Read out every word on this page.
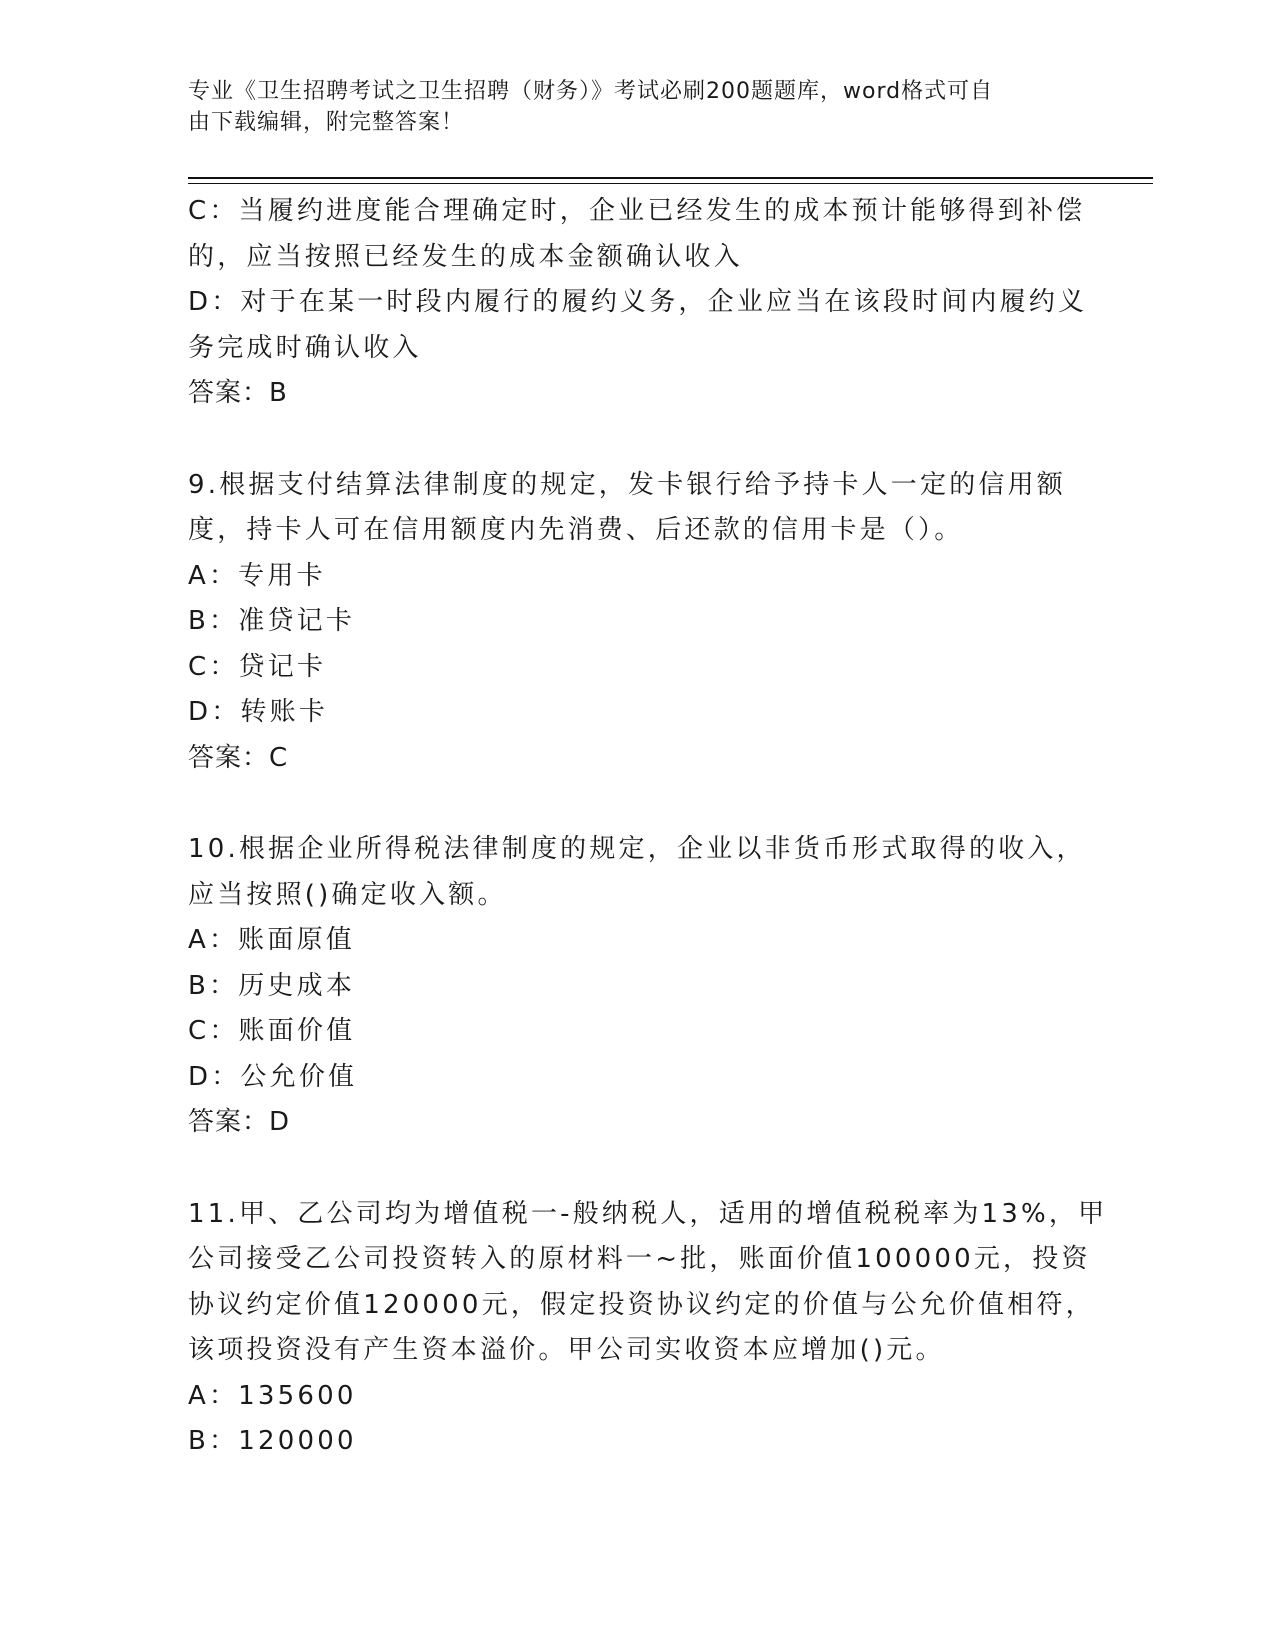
专业《卫生招聘考试之卫生招聘（财务）》考试必刷200题题库，word格式可自
由下载编辑，附完整答案！
C：当履约进度能合理确定时，企业已经发生的成本预计能够得到补偿
的，应当按照已经发生的成本金额确认收入
D：对于在某一时段内履行的履约义务，企业应当在该段时间内履约义
务完成时确认收入
答案：B
9.根据支付结算法律制度的规定，发卡银行给予持卡人一定的信用额
度，持卡人可在信用额度内先消费、后还款的信用卡是（）。
A：专用卡
B：准贷记卡
C：贷记卡
D：转账卡
答案：C
10.根据企业所得税法律制度的规定，企业以非货币形式取得的收入，
应当按照()确定收入额。
A：账面原值
B：历史成本
C：账面价值
D：公允价值
答案：D
11.甲、乙公司均为增值税一-般纳税人，适用的增值税税率为13%，甲
公司接受乙公司投资转入的原材料一~批，账面价值100000元，投资
协议约定价值120000元，假定投资协议约定的价值与公允价值相符，
该项投资没有产生资本溢价。甲公司实收资本应增加()元。
A：135600
B：120000
